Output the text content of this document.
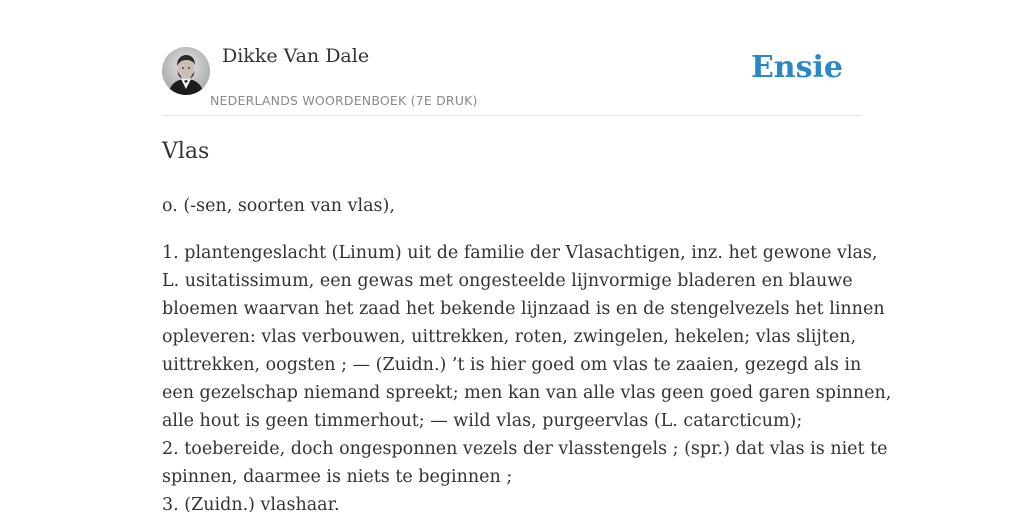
Dikke Van Dale
NEDERLANDS WOORDENBOEK (7E DRUK)
Ensie
Vlas

o. (-sen, soorten van vlas),

1. plantengeslacht (Linum) uit de familie der Vlasachtigen, inz. het gewone vlas,
L. usitatissimum, een gewas met ongesteelde lijnvormige bladeren en blauwe
bloemen waarvan het zaad het bekende lijnzaad is en de stengelvezels het linnen
opleveren: vlas verbouwen, uittrekken, roten, zwingelen, hekelen; vlas slijten,
uittrekken, oogsten ; — (Zuidn.) ’t is hier goed om vlas te zaaien, gezegd als in
een gezelschap niemand spreekt; men kan van alle vlas geen goed garen spinnen,
alle hout is geen timmerhout; — wild vlas, purgeervlas (L. catarcticum);
2. toebereide, doch ongesponnen vezels der vlasstengels ; (spr.) dat vlas is niet te
spinnen, daarmee is niets te beginnen ;
3. (Zuidn.) vlashaar.
